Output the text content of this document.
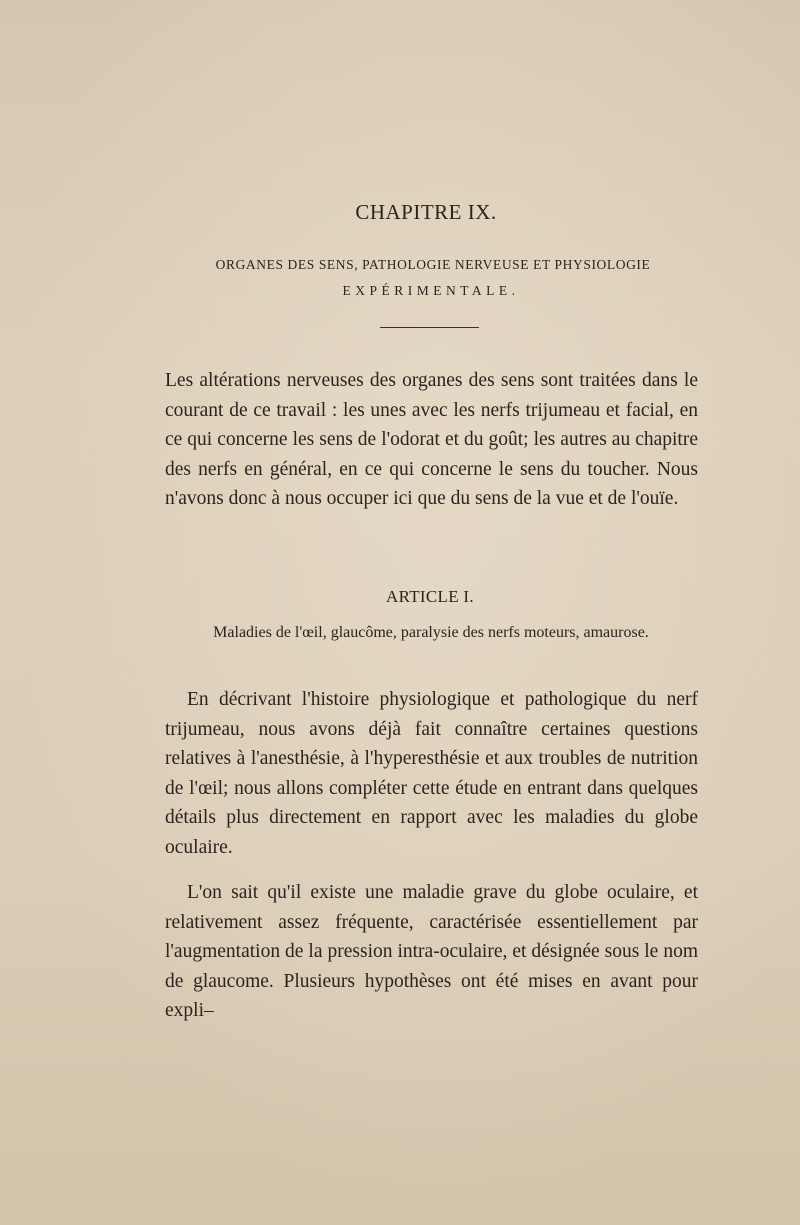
CHAPITRE IX.
ORGANES DES SENS, PATHOLOGIE NERVEUSE ET PHYSIOLOGIE
EXPÉRIMENTALE.

Les altérations nerveuses des organes des sens sont traitées dans le courant de ce travail : les unes avec les nerfs trijumeau et facial, en ce qui concerne les sens de l'odorat et du goût; les autres au chapitre des nerfs en général, en ce qui concerne le sens du toucher. Nous n'avons donc à nous occuper ici que du sens de la vue et de l'ouïe.

ARTICLE I.
Maladies de l'œil, glaucôme, paralysie des nerfs moteurs, amaurose.

En décrivant l'histoire physiologique et pathologique du nerf trijumeau, nous avons déjà fait connaître certaines questions relatives à l'anesthésie, à l'hyperesthésie et aux troubles de nutrition de l'œil; nous allons compléter cette étude en entrant dans quelques détails plus directement en rapport avec les maladies du globe oculaire.

L'on sait qu'il existe une maladie grave du globe oculaire, et relativement assez fréquente, caractérisée essentiellement par l'augmentation de la pression intra-oculaire, et désignée sous le nom de glaucome. Plusieurs hypothèses ont été mises en avant pour expli–
